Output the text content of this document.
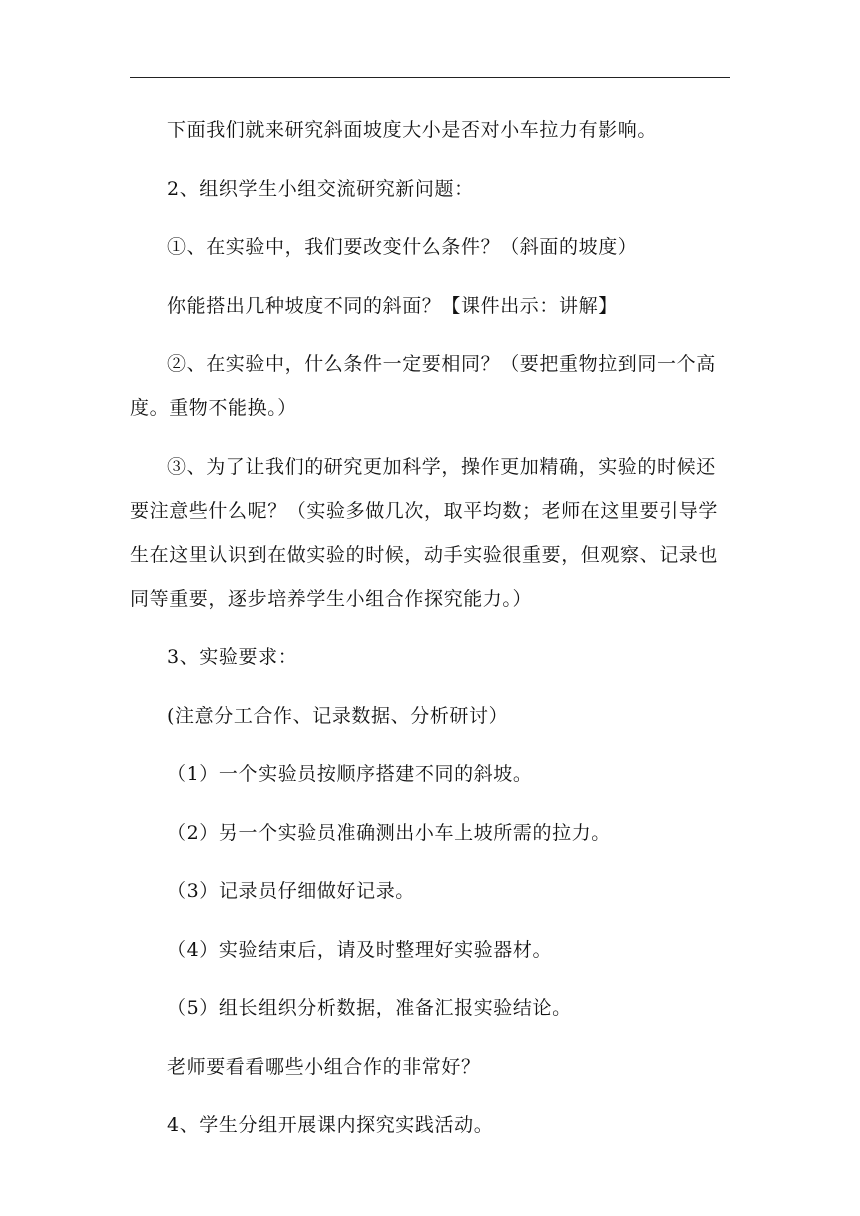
下面我们就来研究斜面坡度大小是否对小车拉力有影响。

2、组织学生小组交流研究新问题：

①、在实验中，我们要改变什么条件？（斜面的坡度）

你能搭出几种坡度不同的斜面？【课件出示：讲解】

②、在实验中，什么条件一定要相同？（要把重物拉到同一个高度。重物不能换。）

③、为了让我们的研究更加科学，操作更加精确，实验的时候还要注意些什么呢？（实验多做几次，取平均数；老师在这里要引导学生在这里认识到在做实验的时候，动手实验很重要，但观察、记录也同等重要，逐步培养学生小组合作探究能力。）

3、实验要求：

(注意分工合作、记录数据、分析研讨）

（1）一个实验员按顺序搭建不同的斜坡。

（2）另一个实验员准确测出小车上坡所需的拉力。

（3）记录员仔细做好记录。

（4）实验结束后，请及时整理好实验器材。

（5）组长组织分析数据，准备汇报实验结论。

老师要看看哪些小组合作的非常好？

4、学生分组开展课内探究实践活动。
